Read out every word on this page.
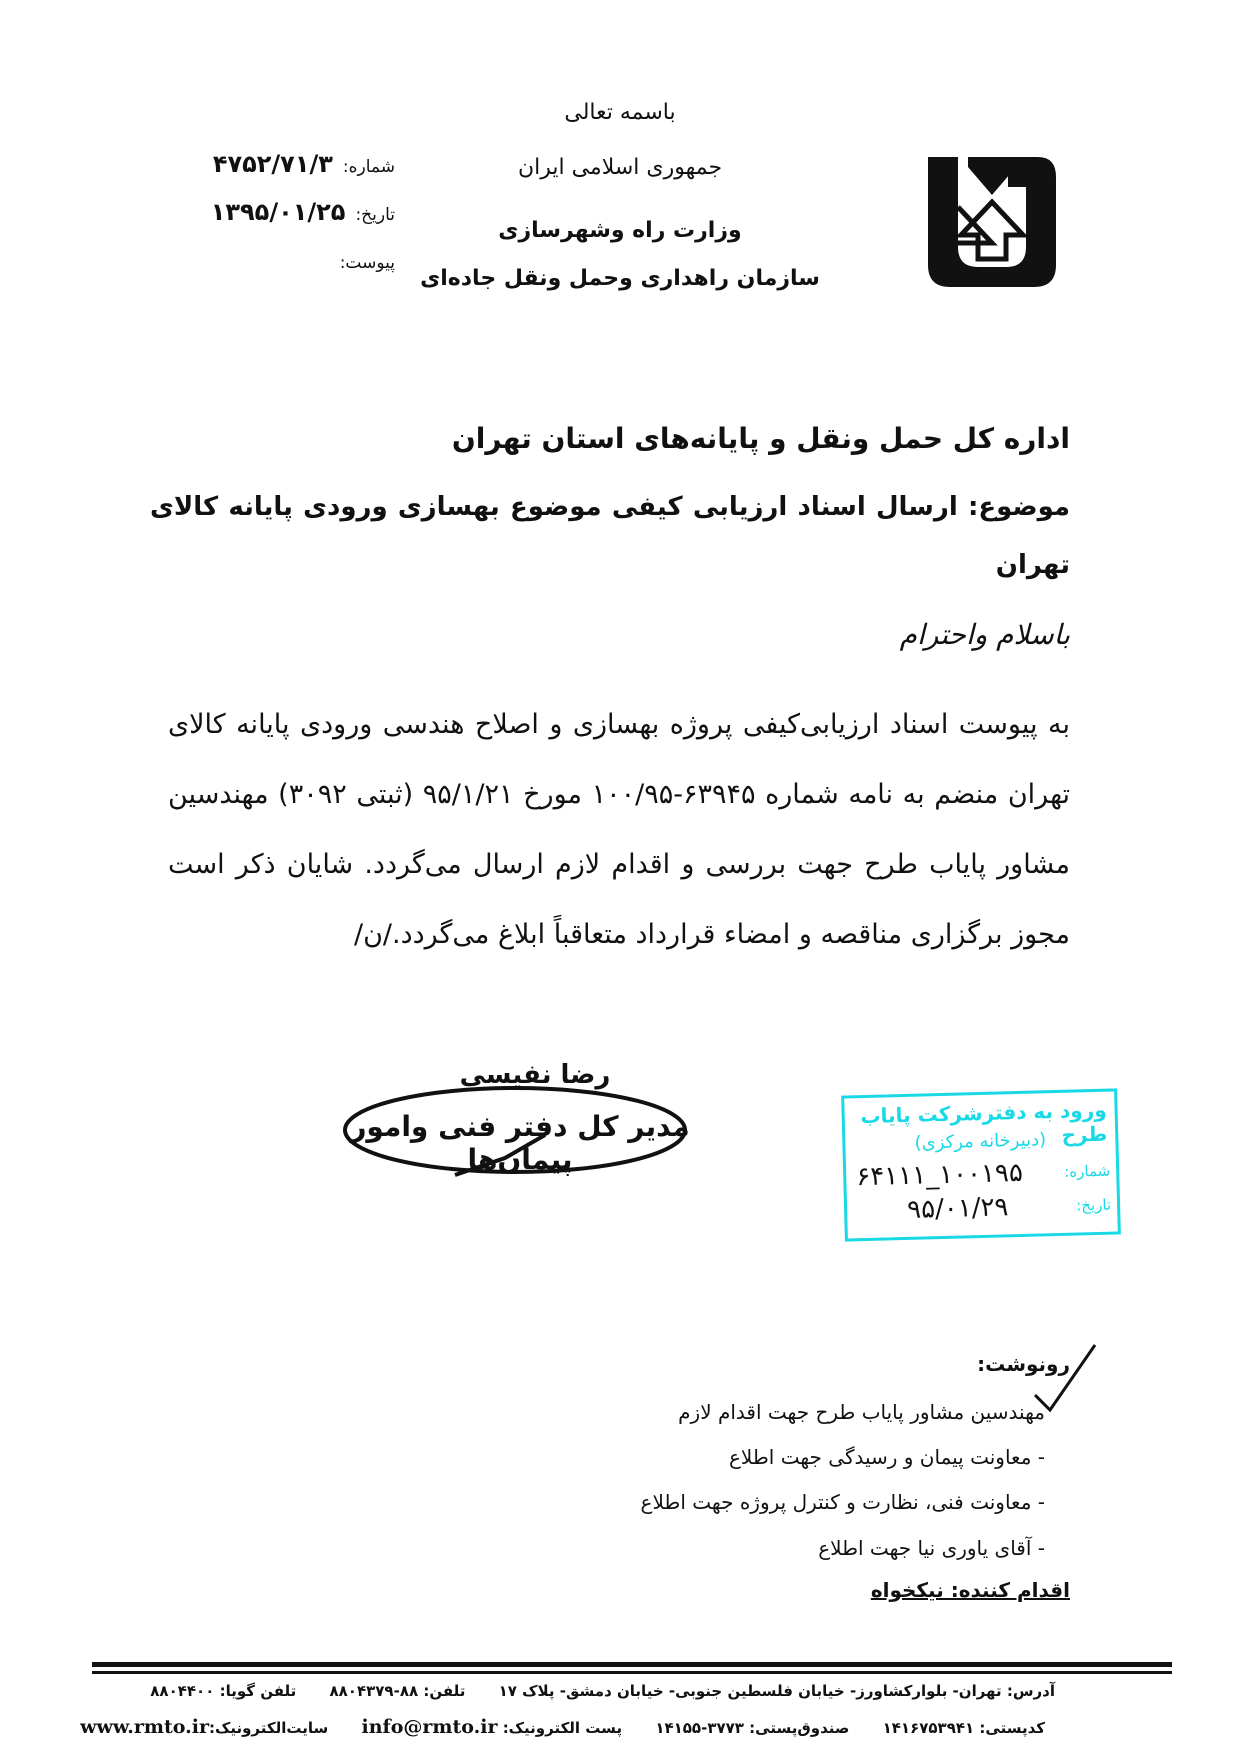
باسمه تعالی
جمهوری اسلامی ایران
وزارت راه وشهرسازی
سازمان راهداری وحمل ونقل جاده‌ای
شماره:۴۷۵۲/۷۱/۳
تاریخ:۱۳۹۵/۰۱/۲۵
پیوست:
اداره کل حمل ونقل و پایانه‌های استان تهران
موضوع: ارسال اسناد ارزیابی کیفی موضوع بهسازی ورودی پایانه کالای تهران
باسلام واحترام
به پیوست اسناد ارزیابی‌کیفی پروژه بهسازی و اصلاح هندسی ورودی پایانه کالای تهران منضم به نامه شماره ۶۳۹۴۵-۱۰۰/۹۵ مورخ ۹۵/۱/۲۱ (ثبتی ۳۰۹۲) مهندسین مشاور پایاب طرح جهت بررسی و اقدام لازم ارسال می‌گردد. شایان ذکر است مجوز برگزاری مناقصه و امضاء قرارداد متعاقباً ابلاغ می‌گردد./ن/
رضا نفیسی
مدیر کل دفتر فنی وامور پیمان‌ها
ورود به دفترشرکت پایاب طرح
(دبیرخانه مرکزی)
شماره:
۱۰۰۱۹۵_۶۴۱۱۱
تاریخ:
۹۵/۰۱/۲۹
رونوشت:
مهندسین مشاور پایاب طرح جهت اقدام لازم
- معاونت پیمان و رسیدگی جهت اطلاع
- معاونت فنی، نظارت و کنترل پروژه جهت اطلاع
- آقای یاوری نیا جهت اطلاع
اقدام کننده: نیکخواه
آدرس: تهران- بلوارکشاورز- خیابان فلسطین جنوبی- خیابان دمشق- پلاک ۱۷ تلفن: ۸۸-۸۸۰۴۳۷۹ تلفن گویا: ۸۸۰۴۴۰۰
کدپستی: ۱۴۱۶۷۵۳۹۴۱ صندوق‌پستی: ۳۷۷۳-۱۴۱۵۵ پست الکترونیک: info@rmto.ir سایت‌الکترونیک:www.rmto.ir
